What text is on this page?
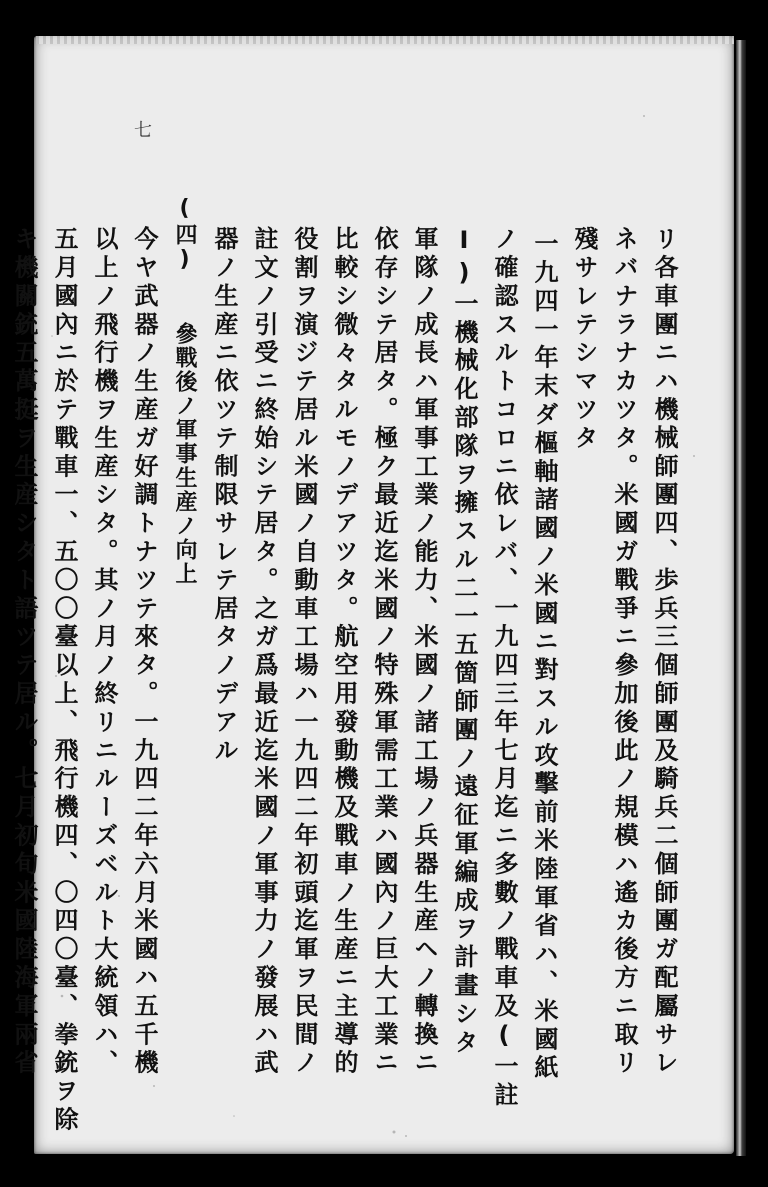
七
リ各車團ニハ機械師團四、歩兵三個師團及騎兵二個師團ガ配屬サレ
ネバナラナカツタ。米國ガ戰爭ニ參加後此ノ規模ハ遙カ後方ニ取リ
殘サレテシマツタ
一九四一年末ダ樞軸諸國ノ米國ニ對スル攻擊前米陸軍省ハ、米國紙
ノ確認スルトコロニ依レバ、一九四三年七月迄ニ多數ノ戰車及(一註
Ⅰ)一機械化部隊ヲ擁スル二一五箇師團ノ遠征軍編成ヲ計畫シタ
軍隊ノ成長ハ軍事工業ノ能力、米國ノ諸工場ノ兵器生産ヘノ轉換ニ
依存シテ居タ。極ク最近迄米國ノ特殊軍需工業ハ國內ノ巨大工業ニ
比較シ微々タルモノデアツタ。航空用發動機及戰車ノ生産ニ主導的
役割ヲ演ジテ居ル米國ノ自動車工場ハ一九四二年初頭迄軍ヲ民間ノ
註文ノ引受ニ終始シテ居タ。之ガ爲最近迄米國ノ軍事力ノ發展ハ武
器ノ生産ニ依ツテ制限サレテ居タノデアル
(四)　　參戰後ノ軍事生産ノ向上
今ヤ武器ノ生産ガ好調トナツテ來タ。一九四二年六月米國ハ五千機
以上ノ飛行機ヲ生産シタ。其ノ月ノ終リニルーズベルト大統領ハ、
五月國內ニ於テ戰車一、五〇〇臺以上、飛行機四、〇四〇臺、拳銃ヲ除
キ機關銃五萬挺ヲ生産シタト語ツテ居ル。七月初旬米國陸海軍兩省
